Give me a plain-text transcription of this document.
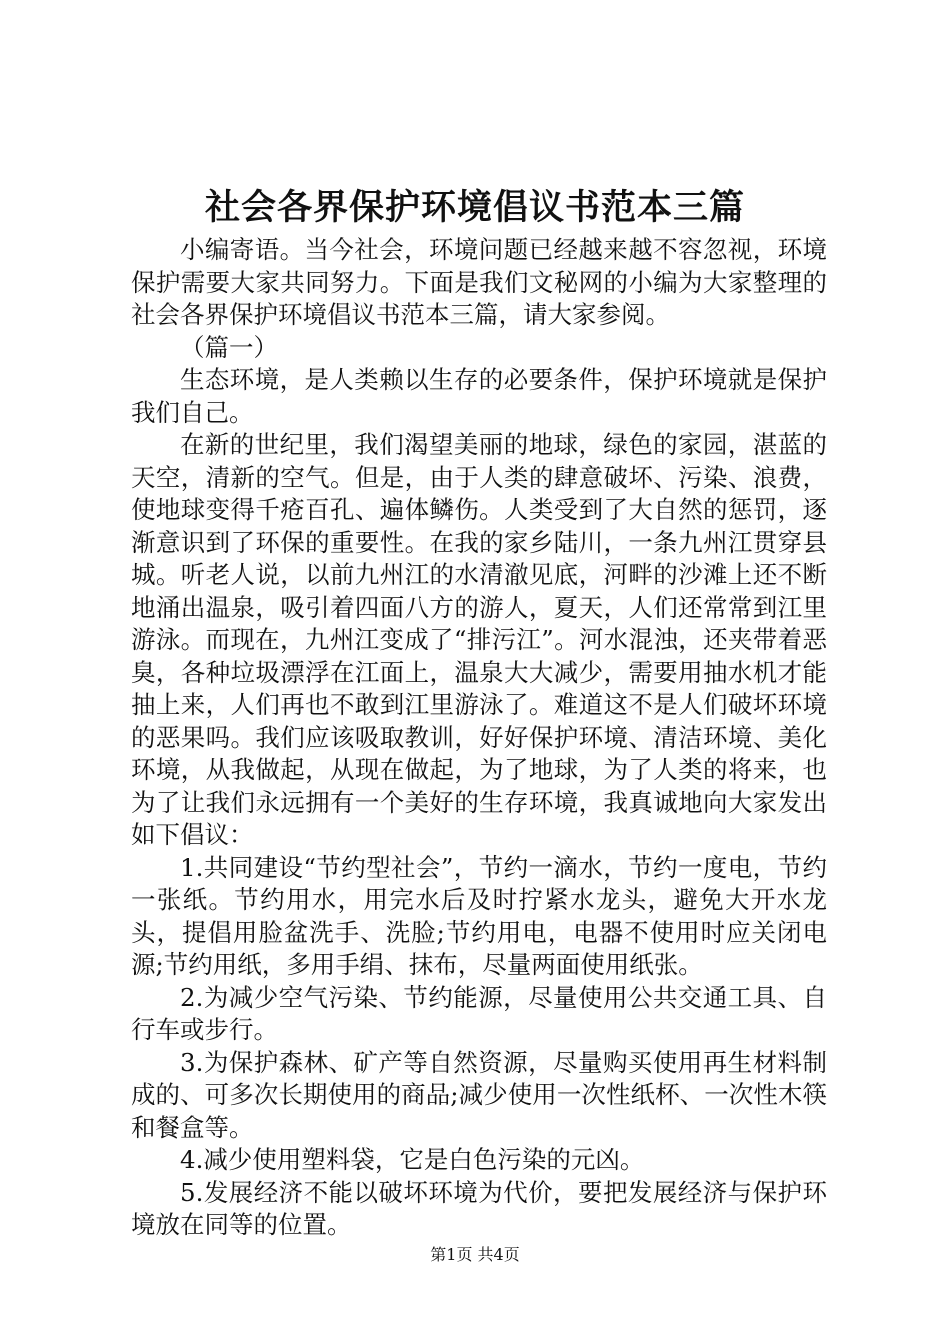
社会各界保护环境倡议书范本三篇

小编寄语。当今社会，环境问题已经越来越不容忽视，环境保护需要大家共同努力。下面是我们文秘网的小编为大家整理的社会各界保护环境倡议书范本三篇，请大家参阅。

（篇一）

生态环境，是人类赖以生存的必要条件，保护环境就是保护我们自己。

在新的世纪里，我们渴望美丽的地球，绿色的家园，湛蓝的天空，清新的空气。但是，由于人类的肆意破坏、污染、浪费，使地球变得千疮百孔、遍体鳞伤。人类受到了大自然的惩罚，逐渐意识到了环保的重要性。在我的家乡陆川，一条九州江贯穿县城。听老人说，以前九州江的水清澈见底，河畔的沙滩上还不断地涌出温泉，吸引着四面八方的游人，夏天，人们还常常到江里游泳。而现在，九州江变成了“排污江”。河水混浊，还夹带着恶臭，各种垃圾漂浮在江面上，温泉大大减少，需要用抽水机才能抽上来，人们再也不敢到江里游泳了。难道这不是人们破坏环境的恶果吗。我们应该吸取教训，好好保护环境、清洁环境、美化环境，从我做起，从现在做起，为了地球，为了人类的将来，也为了让我们永远拥有一个美好的生存环境，我真诚地向大家发出如下倡议：

1.共同建设“节约型社会”，节约一滴水，节约一度电，节约一张纸。节约用水，用完水后及时拧紧水龙头，避免大开水龙头，提倡用脸盆洗手、洗脸;节约用电，电器不使用时应关闭电源;节约用纸，多用手绢、抹布，尽量两面使用纸张。

2.为减少空气污染、节约能源，尽量使用公共交通工具、自行车或步行。

3.为保护森林、矿产等自然资源，尽量购买使用再生材料制成的、可多次长期使用的商品;减少使用一次性纸杯、一次性木筷和餐盒等。

4.减少使用塑料袋，它是白色污染的元凶。

5.发展经济不能以破坏环境为代价，要把发展经济与保护环境放在同等的位置。

第1页 共4页
